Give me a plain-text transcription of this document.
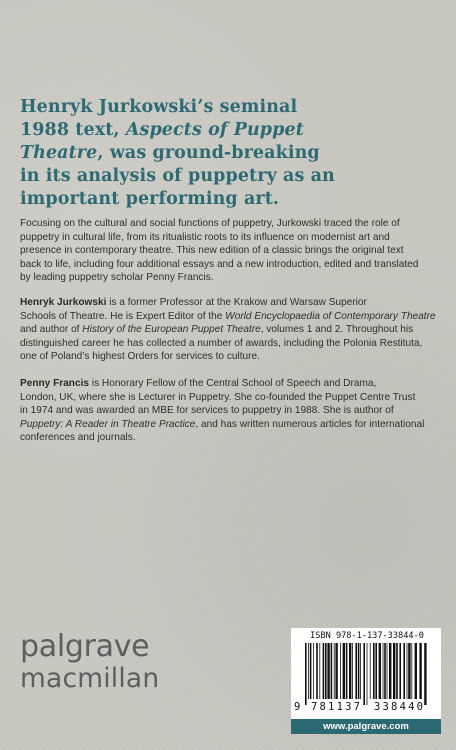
Henryk Jurkowski’s seminal
1988 text, Aspects of Puppet
Theatre, was ground-breaking
in its analysis of puppetry as an
important performing art.
Focusing on the cultural and social functions of puppetry, Jurkowski traced the role of
puppetry in cultural life, from its ritualistic roots to its influence on modernist art and
presence in contemporary theatre. This new edition of a classic brings the original text
back to life, including four additional essays and a new introduction, edited and translated
by leading puppetry scholar Penny Francis.
Henryk Jurkowski is a former Professor at the Krakow and Warsaw Superior
Schools of Theatre. He is Expert Editor of the World Encyclopaedia of Contemporary Theatre
and author of History of the European Puppet Theatre, volumes 1 and 2. Throughout his
distinguished career he has collected a number of awards, including the Polonia Restituta,
one of Poland’s highest Orders for services to culture.
Penny Francis is Honorary Fellow of the Central School of Speech and Drama,
London, UK, where she is Lecturer in Puppetry. She co-founded the Puppet Centre Trust
in 1974 and was awarded an MBE for services to puppetry in 1988. She is author of
Puppetry: A Reader in Theatre Practice, and has written numerous articles for international
conferences and journals.
palgrave
macmillan
ISBN 978-1-137-33844-0
9 781137 338440
www.palgrave.com
